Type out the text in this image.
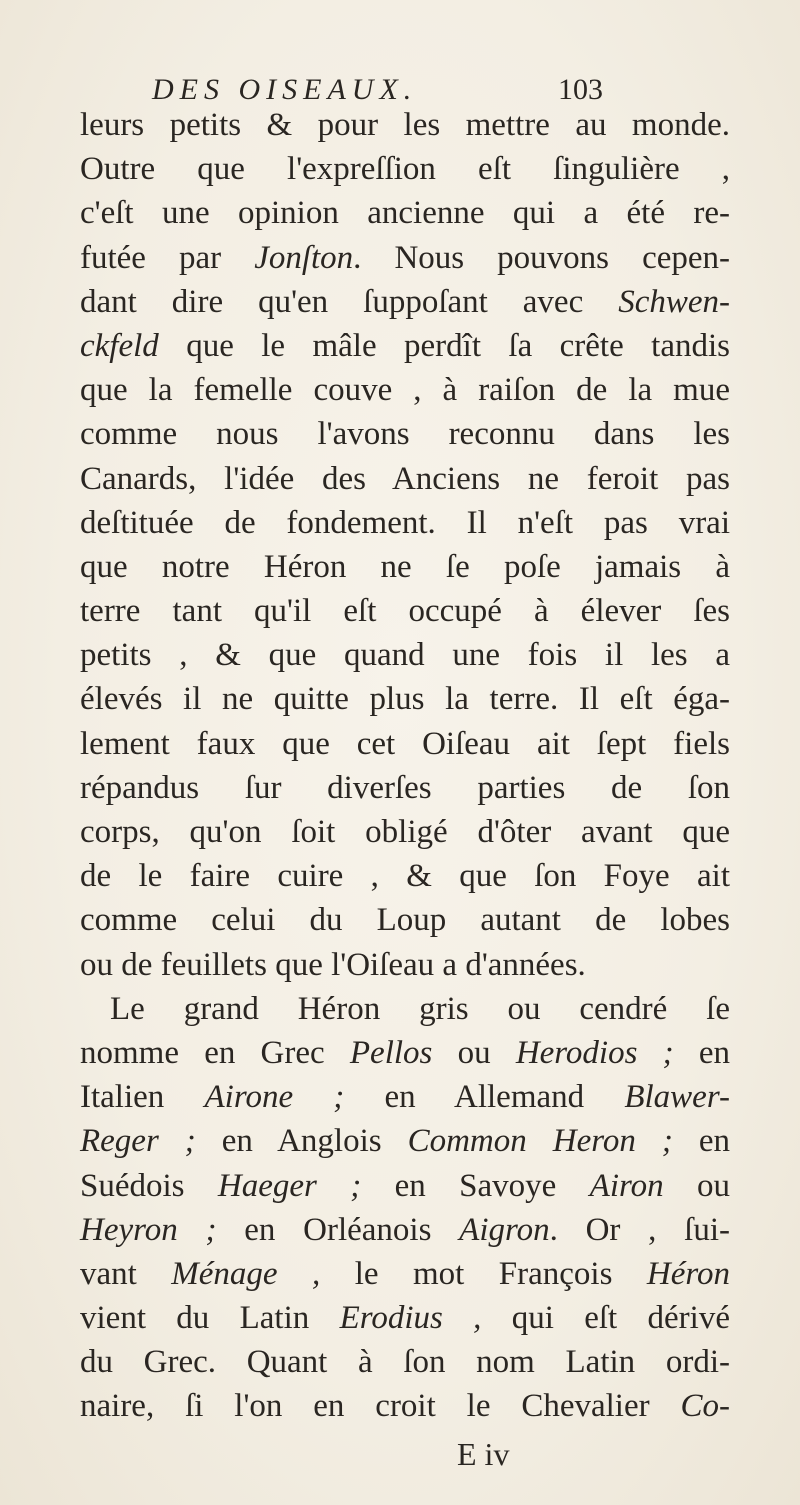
DES OISEAUX.	103
leurs petits & pour les mettre au monde.
Outre que l'expreſſion eſt ſingulière ,
c'eſt une opinion ancienne qui a été re-
futée par Jonſton. Nous pouvons cepen-
dant dire qu'en ſuppoſant avec Schwen-
ckfeld que le mâle perdît ſa crête tandis
que la femelle couve , à raiſon de la mue
comme nous l'avons reconnu dans les
Canards, l'idée des Anciens ne feroit pas
deſtituée de fondement. Il n'eſt pas vrai
que notre Héron ne ſe poſe jamais à
terre tant qu'il eſt occupé à élever ſes
petits , & que quand une fois il les a
élevés il ne quitte plus la terre. Il eſt éga-
lement faux que cet Oiſeau ait ſept fiels
répandus ſur diverſes parties de ſon
corps, qu'on ſoit obligé d'ôter avant que
de le faire cuire , & que ſon Foye ait
comme celui du Loup autant de lobes
ou de feuillets que l'Oiſeau a d'années.
Le grand Héron gris ou cendré ſe
nomme en Grec Pellos ou Herodios ; en
Italien Airone ; en Allemand Blawer-
Reger ; en Anglois Common Heron ; en
Suédois Haeger ; en Savoye Airon ou
Heyron ; en Orléanois Aigron. Or , ſui-
vant Ménage , le mot François Héron
vient du Latin Erodius , qui eſt dérivé
du Grec. Quant à ſon nom Latin ordi-
naire, ſi l'on en croit le Chevalier Co-
E iv
